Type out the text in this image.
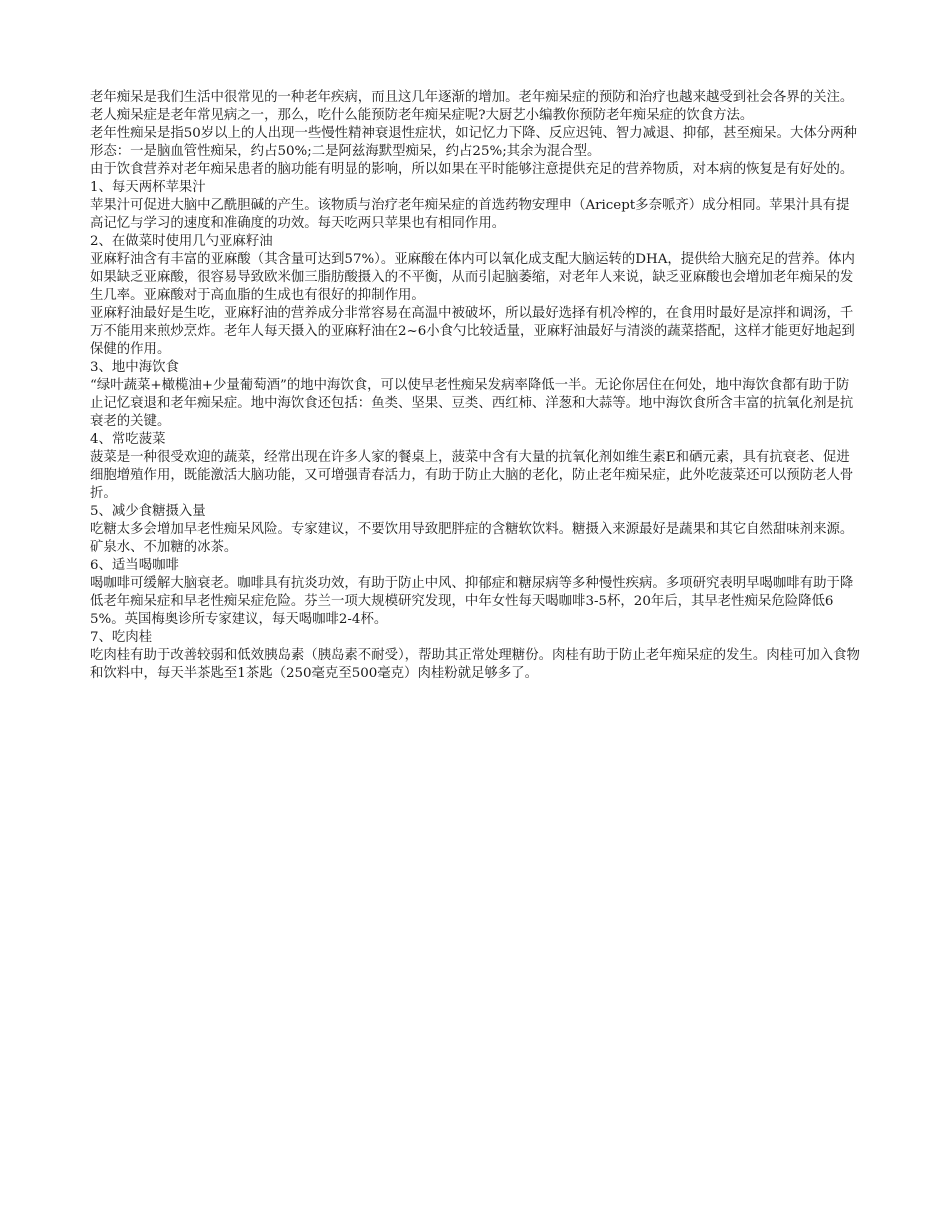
老年痴呆是我们生活中很常见的一种老年疾病，而且这几年逐渐的增加。老年痴呆症的预防和治疗也越来越受到社会各界的关注。老人痴呆症是老年常见病之一，那么，吃什么能预防老年痴呆症呢?大厨艺小编教你预防老年痴呆症的饮食方法。

老年性痴呆是指50岁以上的人出现一些慢性精神衰退性症状，如记忆力下降、反应迟钝、智力减退、抑郁，甚至痴呆。大体分两种形态：一是脑血管性痴呆，约占50%;二是阿兹海默型痴呆，约占25%;其余为混合型。

由于饮食营养对老年痴呆患者的脑功能有明显的影响，所以如果在平时能够注意提供充足的营养物质，对本病的恢复是有好处的。

1、每天两杯苹果汁

苹果汁可促进大脑中乙酰胆碱的产生。该物质与治疗老年痴呆症的首选药物安理申（Aricept多奈哌齐）成分相同。苹果汁具有提高记忆与学习的速度和准确度的功效。每天吃两只苹果也有相同作用。

2、在做菜时使用几勺亚麻籽油

亚麻籽油含有丰富的亚麻酸（其含量可达到57%）。亚麻酸在体内可以氧化成支配大脑运转的DHA，提供给大脑充足的营养。体内如果缺乏亚麻酸，很容易导致欧米伽三脂肪酸摄入的不平衡，从而引起脑萎缩，对老年人来说，缺乏亚麻酸也会增加老年痴呆的发生几率。亚麻酸对于高血脂的生成也有很好的抑制作用。

亚麻籽油最好是生吃，亚麻籽油的营养成分非常容易在高温中被破坏，所以最好选择有机冷榨的，在食用时最好是凉拌和调汤，千万不能用来煎炒烹炸。老年人每天摄入的亚麻籽油在2~6小食勺比较适量，亚麻籽油最好与清淡的蔬菜搭配，这样才能更好地起到保健的作用。

3、地中海饮食

“绿叶蔬菜+橄榄油+少量葡萄酒”的地中海饮食，可以使早老性痴呆发病率降低一半。无论你居住在何处，地中海饮食都有助于防止记忆衰退和老年痴呆症。地中海饮食还包括：鱼类、坚果、豆类、西红柿、洋葱和大蒜等。地中海饮食所含丰富的抗氧化剂是抗衰老的关键。

4、常吃菠菜

菠菜是一种很受欢迎的蔬菜，经常出现在许多人家的餐桌上，菠菜中含有大量的抗氧化剂如维生素E和硒元素，具有抗衰老、促进细胞增殖作用，既能激活大脑功能，又可增强青春活力，有助于防止大脑的老化，防止老年痴呆症，此外吃菠菜还可以预防老人骨折。

5、减少食糖摄入量

吃糖太多会增加早老性痴呆风险。专家建议，不要饮用导致肥胖症的含糖软饮料。糖摄入来源最好是蔬果和其它自然甜味剂来源。矿泉水、不加糖的冰茶。

6、适当喝咖啡

喝咖啡可缓解大脑衰老。咖啡具有抗炎功效，有助于防止中风、抑郁症和糖尿病等多种慢性疾病。多项研究表明早喝咖啡有助于降低老年痴呆症和早老性痴呆症危险。芬兰一项大规模研究发现，中年女性每天喝咖啡3-5杯，20年后，其早老性痴呆危险降低65%。英国梅奥诊所专家建议，每天喝咖啡2-4杯。

7、吃肉桂

吃肉桂有助于改善较弱和低效胰岛素（胰岛素不耐受），帮助其正常处理糖份。肉桂有助于防止老年痴呆症的发生。肉桂可加入食物和饮料中，每天半茶匙至1茶匙（250毫克至500毫克）肉桂粉就足够多了。
